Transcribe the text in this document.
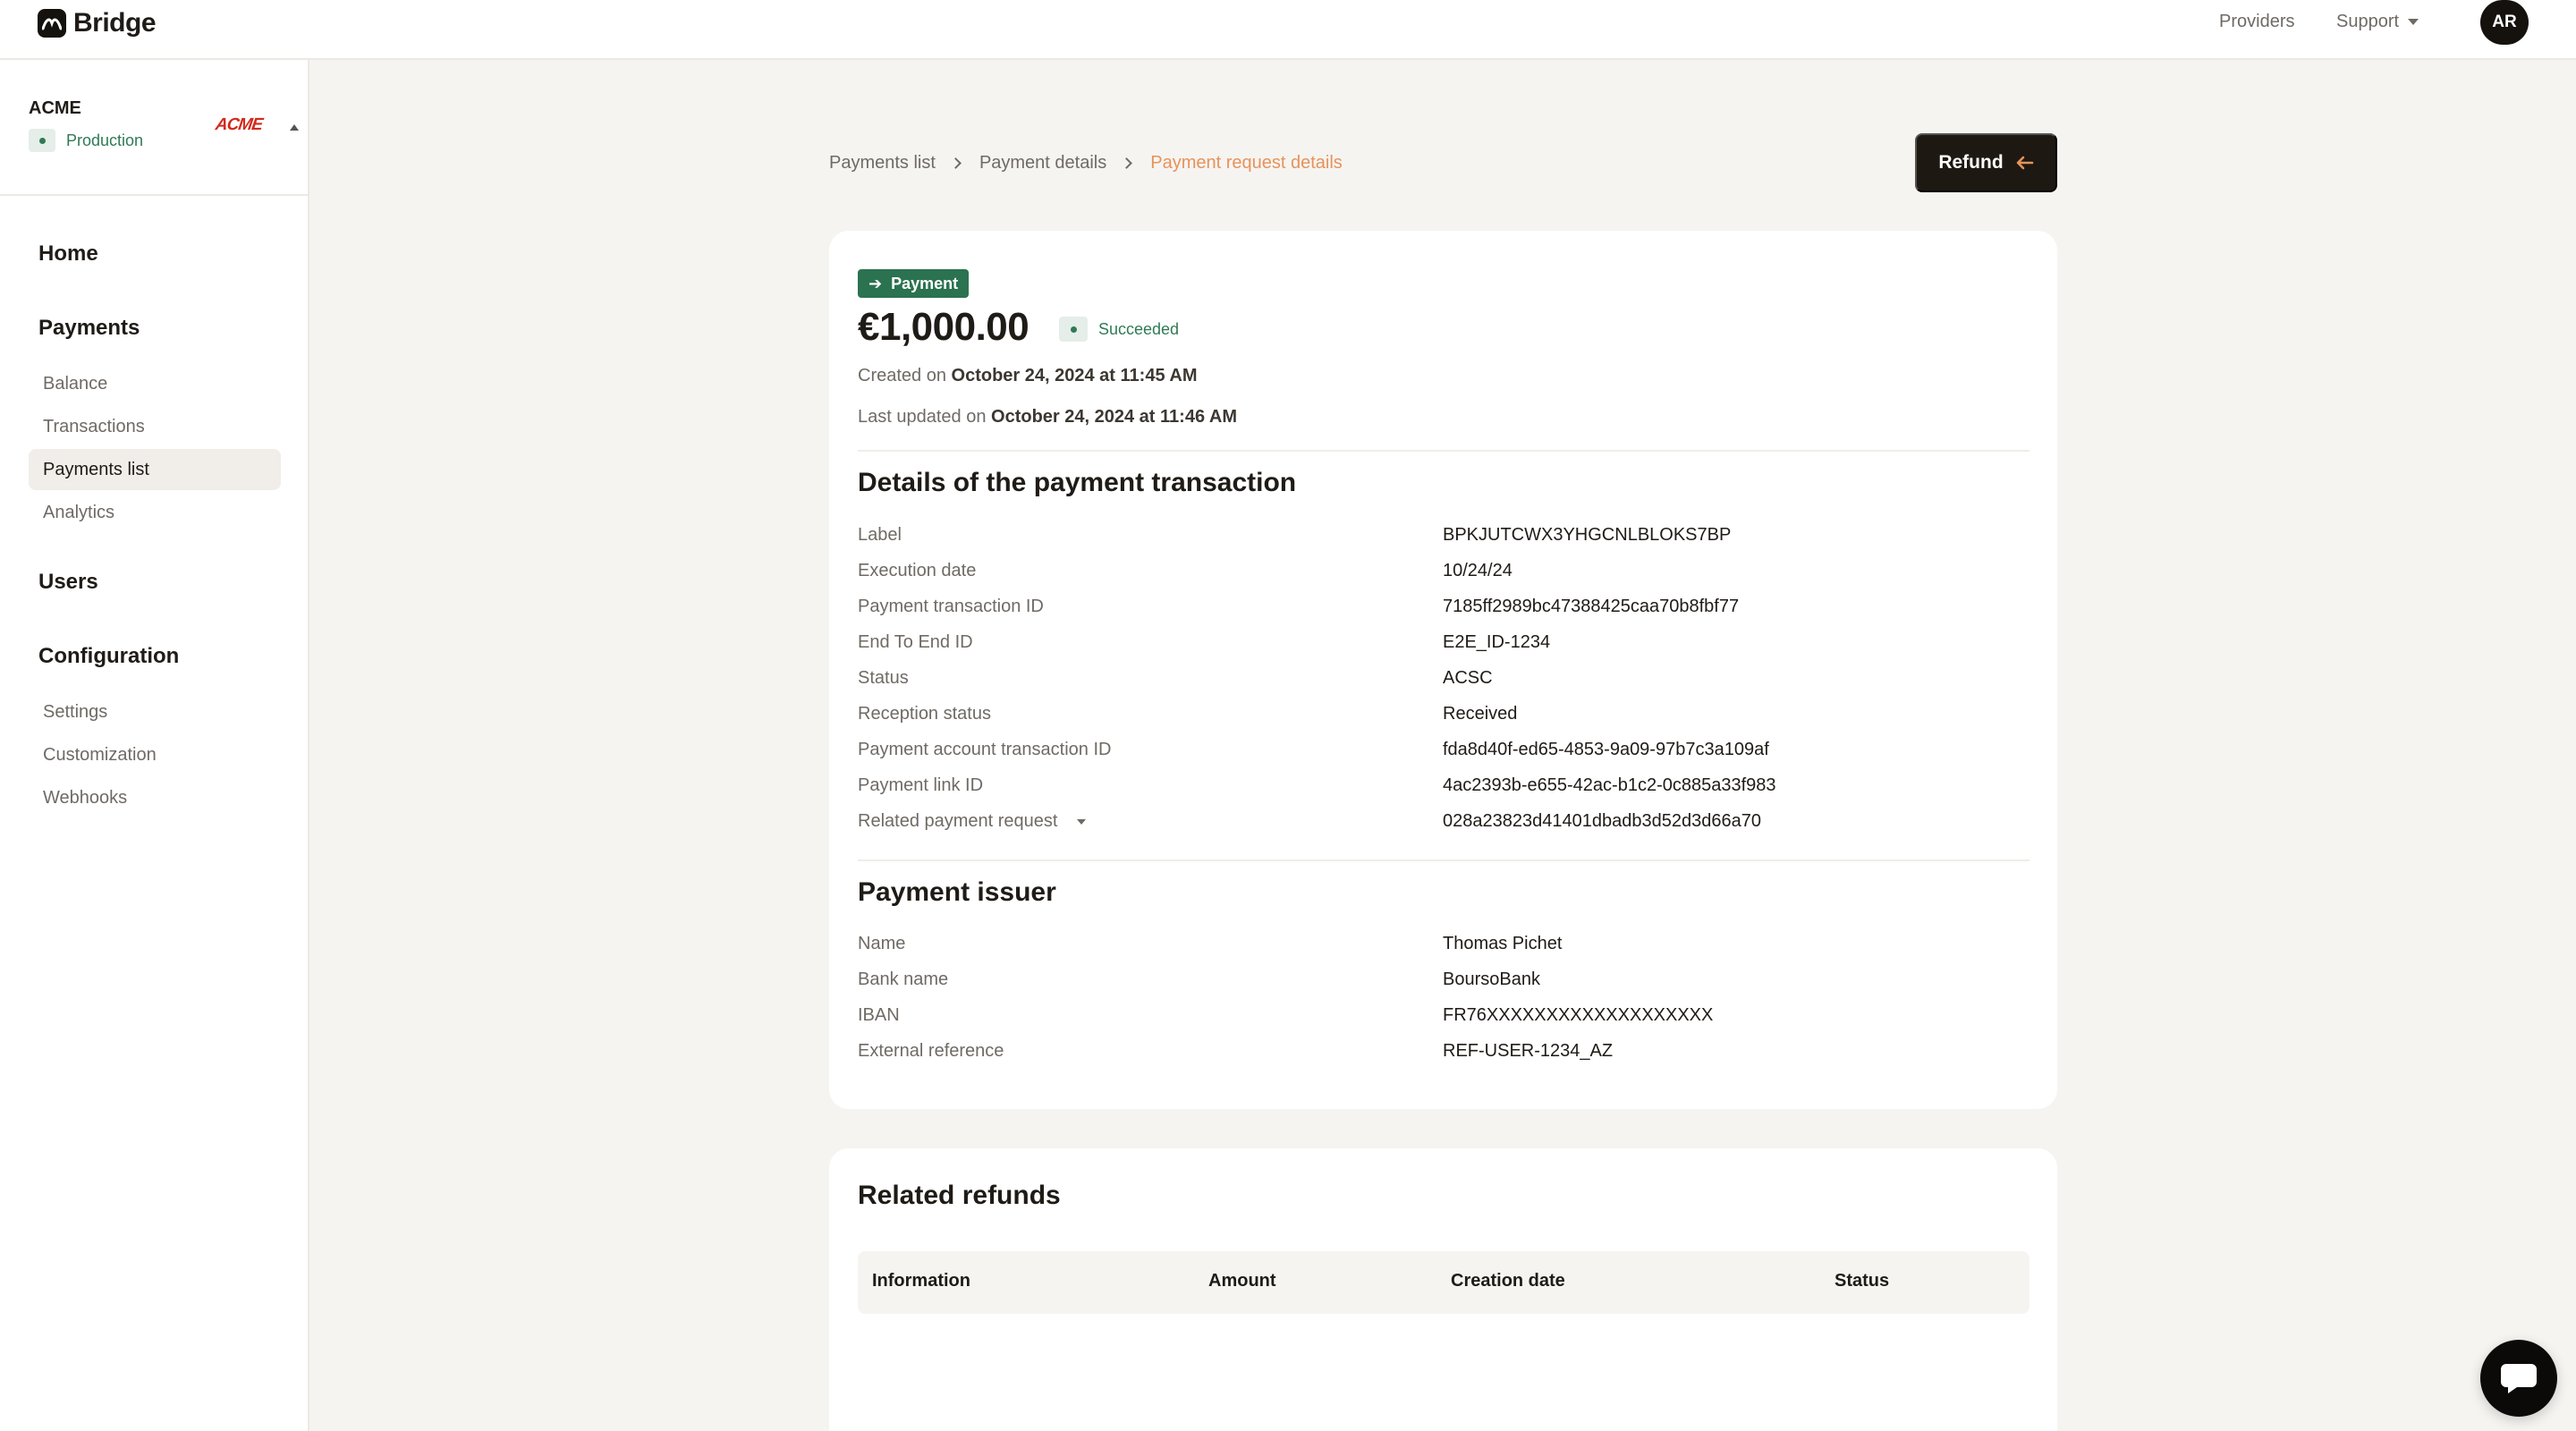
Bridge	Providers Support	AR
ACME
Production
ACME
Home
Payments
Balance
Transactions
Payments list
Analytics
Users
Configuration
Settings
Customization
Webhooks
Payments list Payment details Payment request details	Refund
➔ Payment
€1,000.00	Succeeded
Created on October 24, 2024 at 11:45 AM
Last updated on October 24, 2024 at 11:46 AM
Details of the payment transaction
Label	BPKJUTCWX3YHGCNLBLOKS7BP
Execution date	10/24/24
Payment transaction ID	7185ff2989bc47388425caa70b8fbf77
End To End ID	E2E_ID-1234
Status	ACSC
Reception status	Received
Payment account transaction ID	fda8d40f-ed65-4853-9a09-97b7c3a109af
Payment link ID	4ac2393b-e655-42ac-b1c2-0c885a33f983
Related payment request	028a23823d41401dbadb3d52d3d66a70
Payment issuer
Name	Thomas Pichet
Bank name	BoursoBank
IBAN	FR76XXXXXXXXXXXXXXXXXXX
External reference	REF-USER-1234_AZ
Related refunds
Information	Amount	Creation date	Status
